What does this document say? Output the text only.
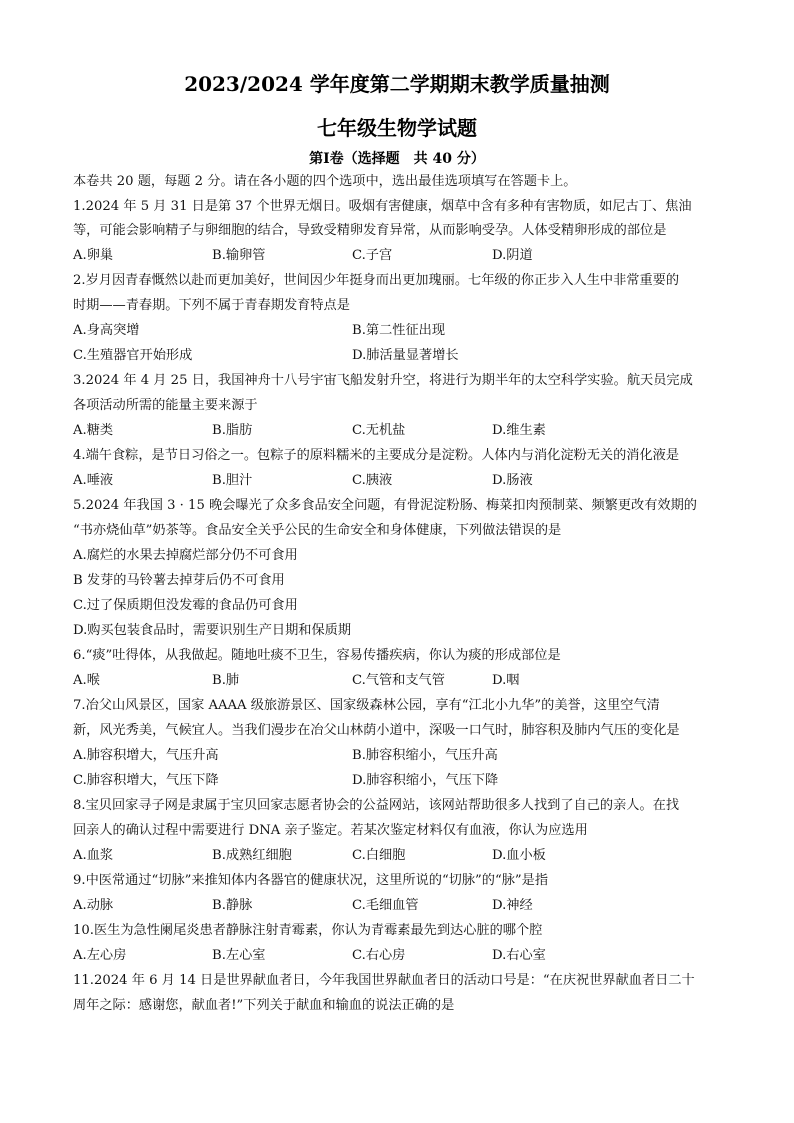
2023/2024 学年度第二学期期末教学质量抽测
七年级生物学试题
第Ⅰ卷（选择题　共 40 分）
本卷共 20 题，每题 2 分。请在各小题的四个选项中，选出最佳选项填写在答题卡上。
1.2024 年 5 月 31 日是第 37 个世界无烟日。吸烟有害健康，烟草中含有多种有害物质，如尼古丁、焦油
等，可能会影响精子与卵细胞的结合，导致受精卵发育异常，从而影响受孕。人体受精卵形成的部位是
A.卵巢	B.输卵管	C.子宫	D.阴道
2.岁月因青春慨然以赴而更加美好，世间因少年挺身而出更加瑰丽。七年级的你正步入人生中非常重要的
时期——青春期。下列不属于青春期发育特点是
A.身高突增	B.第二性征出现
C.生殖器官开始形成	D.肺活量显著增长
3.2024 年 4 月 25 日，我国神舟十八号宇宙飞船发射升空，将进行为期半年的太空科学实验。航天员完成
各项活动所需的能量主要来源于
A.糖类	B.脂肪	C.无机盐	D.维生素
4.端午食粽，是节日习俗之一。包粽子的原料糯米的主要成分是淀粉。人体内与消化淀粉无关的消化液是
A.唾液	B.胆汁	C.胰液	D.肠液
5.2024 年我国 3 · 15 晚会曝光了众多食品安全问题，有骨泥淀粉肠、梅菜扣肉预制菜、频繁更改有效期的
“书亦烧仙草”奶茶等。食品安全关乎公民的生命安全和身体健康，下列做法错误的是
A.腐烂的水果去掉腐烂部分仍不可食用
B 发芽的马铃薯去掉芽后仍不可食用
C.过了保质期但没发霉的食品仍可食用
D.购买包装食品时，需要识别生产日期和保质期
6.“痰”吐得体，从我做起。随地吐痰不卫生，容易传播疾病，你认为痰的形成部位是
A.喉	B.肺	C.气管和支气管	D.咽
7.冶父山风景区，国家 AAAA 级旅游景区、国家级森林公园，享有“江北小九华”的美誉，这里空气清
新，风光秀美，气候宜人。当我们漫步在冶父山林荫小道中，深吸一口气时，肺容积及肺内气压的变化是
A.肺容积增大，气压升高	B.肺容积缩小，气压升高
C.肺容积增大，气压下降	D.肺容积缩小，气压下降
8.宝贝回家寻子网是隶属于宝贝回家志愿者协会的公益网站，该网站帮助很多人找到了自己的亲人。在找
回亲人的确认过程中需要进行 DNA 亲子鉴定。若某次鉴定材料仅有血液，你认为应选用
A.血浆	B.成熟红细胞	C.白细胞	D.血小板
9.中医常通过“切脉”来推知体内各器官的健康状况，这里所说的“切脉”的“脉”是指
A.动脉	B.静脉	C.毛细血管	D.神经
10.医生为急性阑尾炎患者静脉注射青霉素，你认为青霉素最先到达心脏的哪个腔
A.左心房	B.左心室	C.右心房	D.右心室
11.2024 年 6 月 14 日是世界献血者日，今年我国世界献血者日的活动口号是：“在庆祝世界献血者日二十
周年之际：感谢您，献血者!”下列关于献血和输血的说法正确的是
